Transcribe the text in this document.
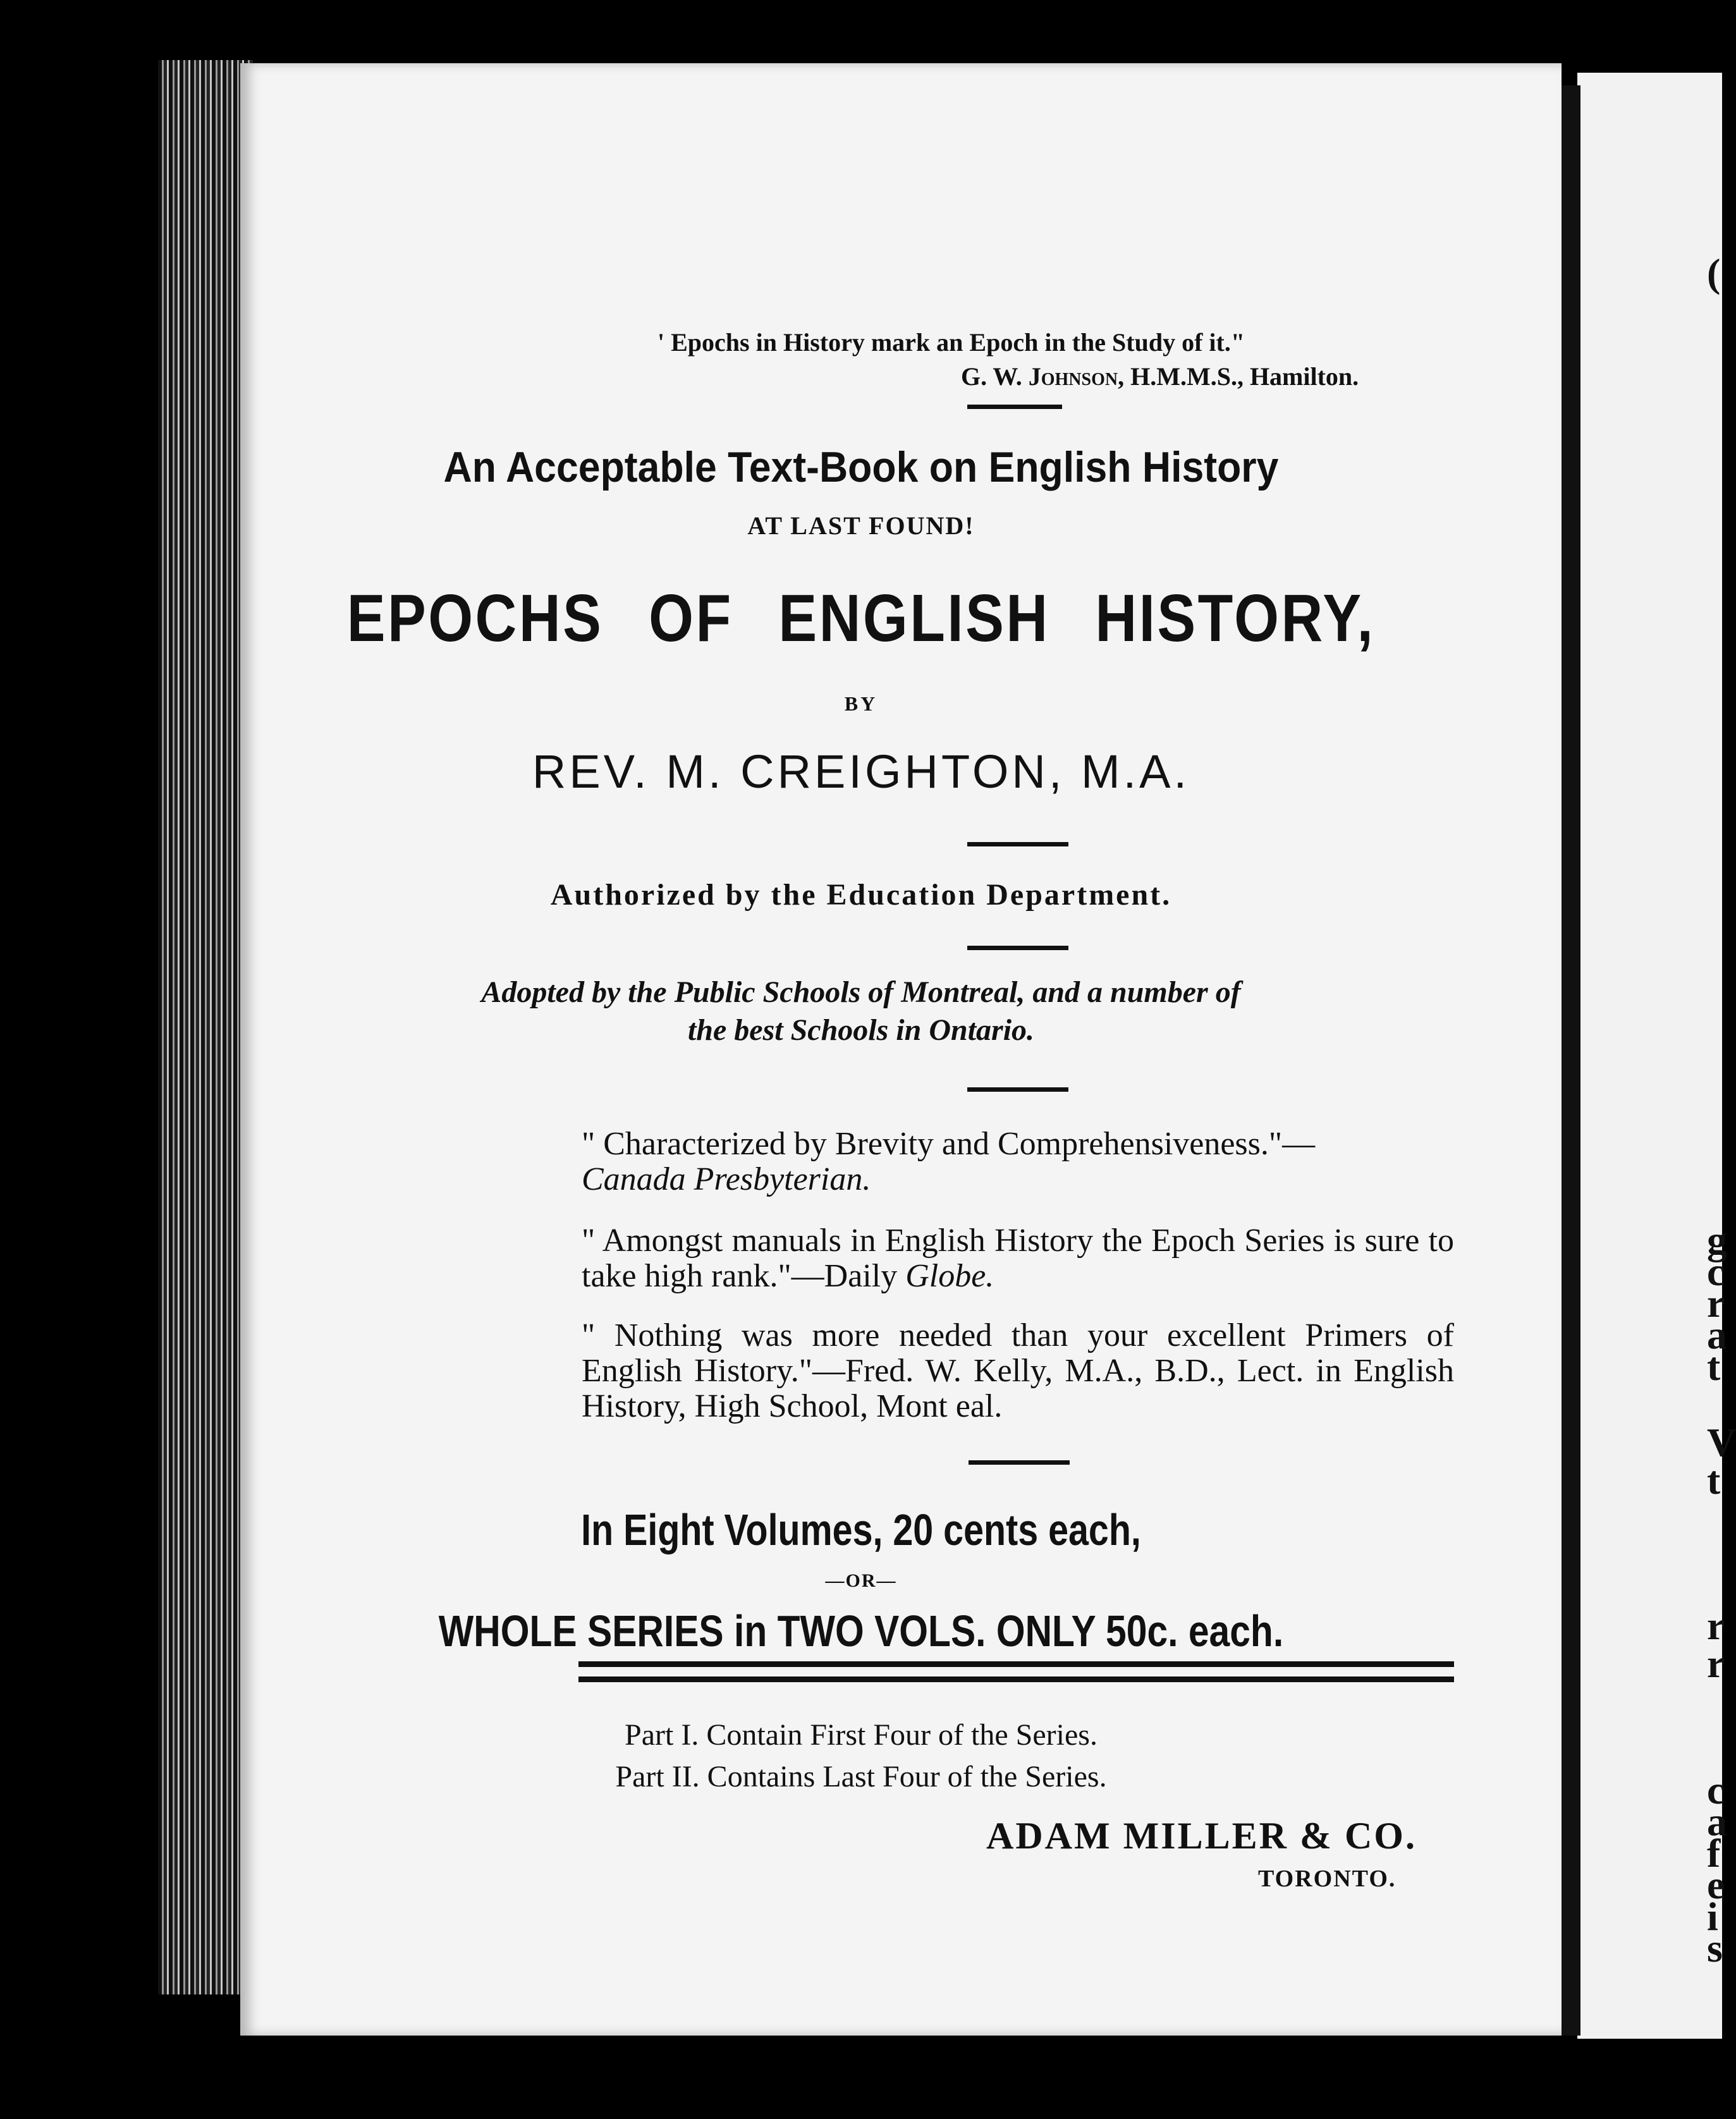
(
g
c
r
a
t
V
t
r
r
c
a
f
e
i
s
' Epochs in History mark an Epoch in the Study of it."
G. W. Johnson, H.M.M.S., Hamilton.
An Acceptable Text-Book on English History
AT LAST FOUND!
EPOCHS OF ENGLISH HISTORY,
BY
REV. M. CREIGHTON, M.A.
Authorized by the Education Department.
Adopted by the Public Schools of Montreal, and a number of
the best Schools in Ontario.
" Characterized by Brevity and Comprehensiveness."—
Canada Presbyterian.
" Amongst manuals in English History the Epoch Series is sure to take high rank."—Daily Globe.
" Nothing was more needed than your excellent Primers of English History."—Fred. W. Kelly, M.A., B.D., Lect. in English History, High School, Mont eal.
In Eight Volumes, 20 cents each,
—OR—
WHOLE SERIES in TWO VOLS. ONLY 50c. each.
Part I. Contain First Four of the Series.
Part II. Contains Last Four of the Series.
ADAM MILLER & CO.
TORONTO.
